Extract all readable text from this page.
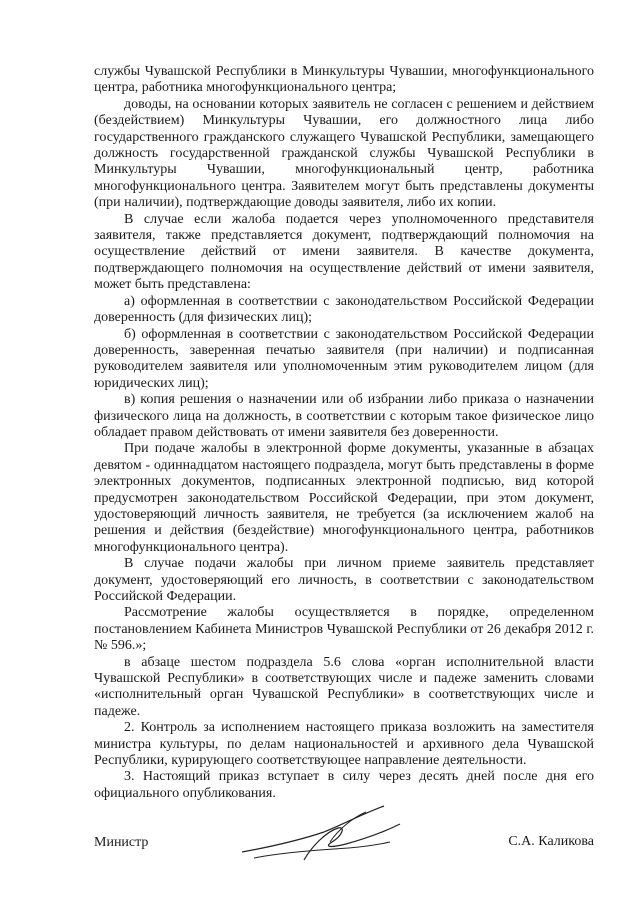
службы Чувашской Республики в Минкультуры Чувашии, многофункционального центра, работника многофункционального центра;

доводы, на основании которых заявитель не согласен с решением и действием (бездействием) Минкультуры Чувашии, его должностного лица либо государственного гражданского служащего Чувашской Республики, замещающего должность государственной гражданской службы Чувашской Республики в Минкультуры Чувашии, многофункциональный центр, работника многофункционального центра. Заявителем могут быть представлены документы (при наличии), подтверждающие доводы заявителя, либо их копии.

В случае если жалоба подается через уполномоченного представителя заявителя, также представляется документ, подтверждающий полномочия на осуществление действий от имени заявителя. В качестве документа, подтверждающего полномочия на осуществление действий от имени заявителя, может быть представлена:

а) оформленная в соответствии с законодательством Российской Федерации доверенность (для физических лиц);

б) оформленная в соответствии с законодательством Российской Федерации доверенность, заверенная печатью заявителя (при наличии) и подписанная руководителем заявителя или уполномоченным этим руководителем лицом (для юридических лиц);

в) копия решения о назначении или об избрании либо приказа о назначении физического лица на должность, в соответствии с которым такое физическое лицо обладает правом действовать от имени заявителя без доверенности.

При подаче жалобы в электронной форме документы, указанные в абзацах девятом - одиннадцатом настоящего подраздела, могут быть представлены в форме электронных документов, подписанных электронной подписью, вид которой предусмотрен законодательством Российской Федерации, при этом документ, удостоверяющий личность заявителя, не требуется (за исключением жалоб на решения и действия (бездействие) многофункционального центра, работников многофункционального центра).

В случае подачи жалобы при личном приеме заявитель представляет документ, удостоверяющий его личность, в соответствии с законодательством Российской Федерации.

Рассмотрение жалобы осуществляется в порядке, определенном постановлением Кабинета Министров Чувашской Республики от 26 декабря 2012 г. № 596.»;

в абзаце шестом подраздела 5.6 слова «орган исполнительной власти Чувашской Республики» в соответствующих числе и падеже заменить словами «исполнительный орган Чувашской Республики» в соответствующих числе и падеже.

2. Контроль за исполнением настоящего приказа возложить на заместителя министра культуры, по делам национальностей и архивного дела Чувашской Республики, курирующего соответствующее направление деятельности.

3. Настоящий приказ вступает в силу через десять дней после дня его официального опубликования.

Министр	С.А. Каликова
